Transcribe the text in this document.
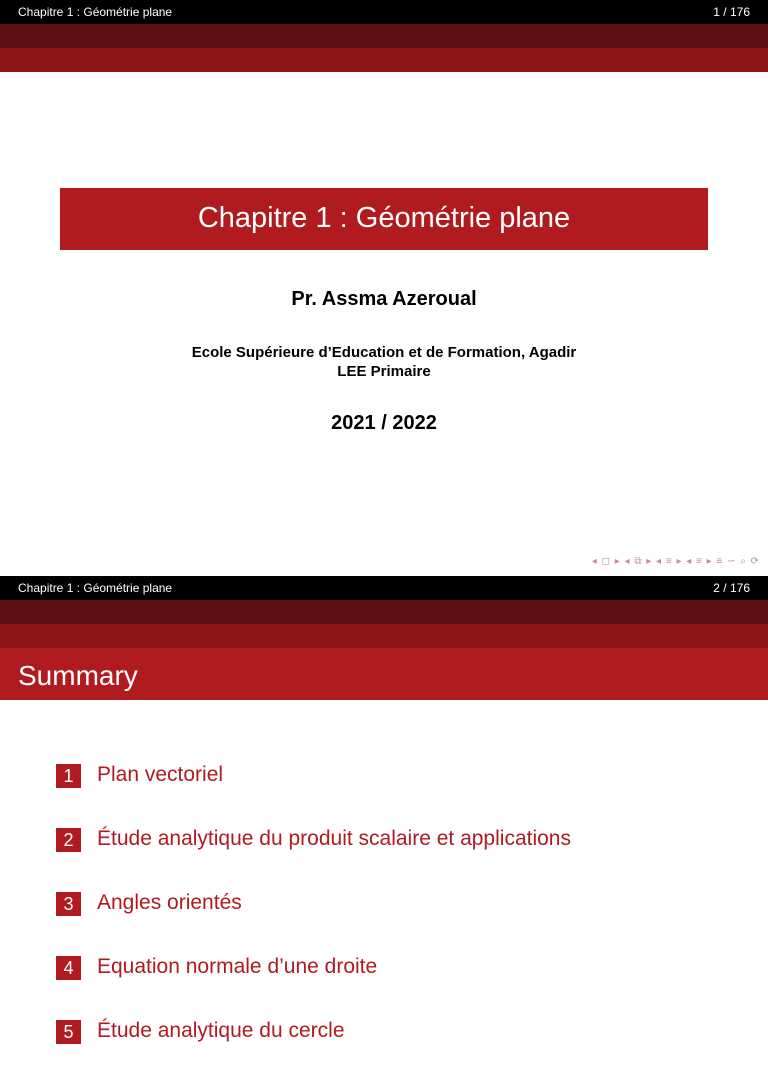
Chapitre 1 : Géométrie plane	1 / 176
Chapitre 1 : Géométrie plane
Pr. Assma Azeroual
Ecole Supérieure d’Education et de Formation, Agadir
LEE Primaire
2021 / 2022
◂ ◻ ▸ ◂ ⧉ ▸ ◂ ≡ ▸ ◂ ≡ ▸ ≡ ∽ ⌕ ⟳
Chapitre 1 : Géométrie plane	2 / 176
Summary
1	Plan vectoriel
2	Étude analytique du produit scalaire et applications
3	Angles orientés
4	Equation normale d’une droite
5	Étude analytique du cercle
